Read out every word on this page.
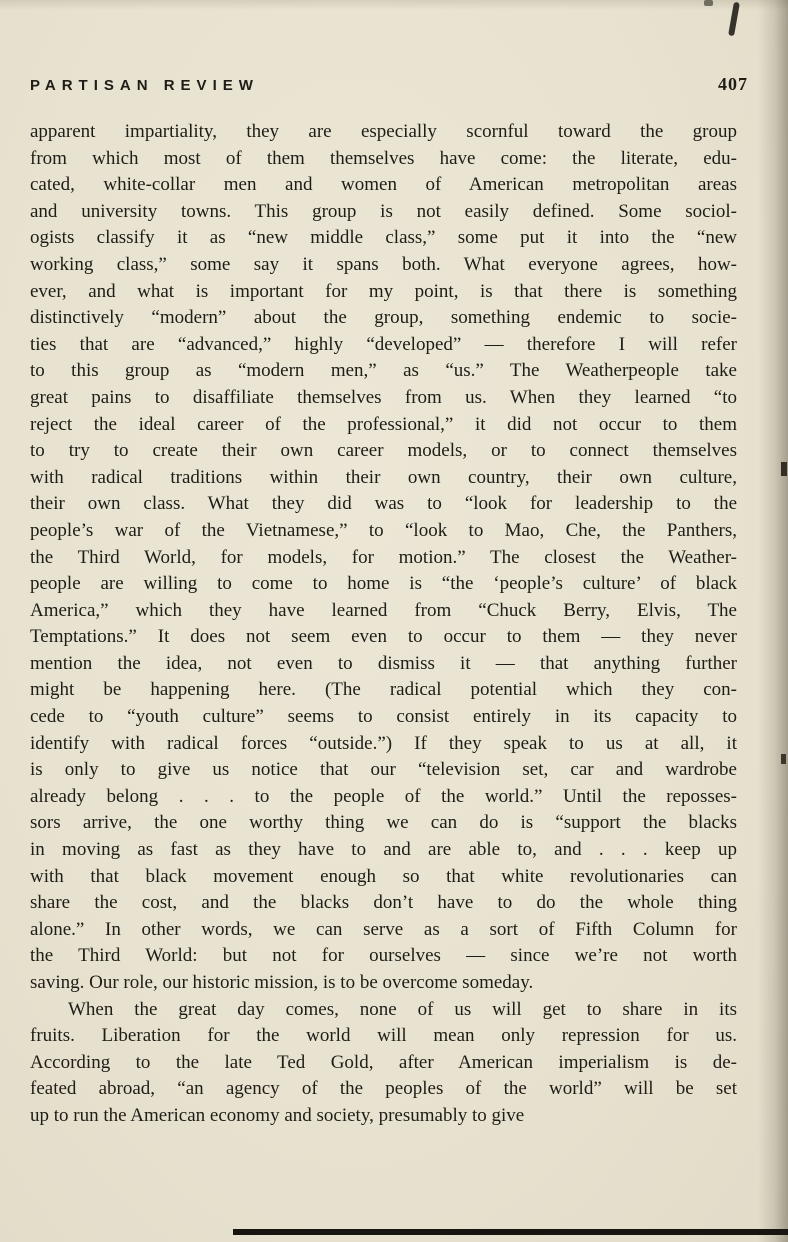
PARTISAN REVIEW	407
apparent impartiality, they are especially scornful toward the group
from which most of them themselves have come: the literate, edu-
cated, white-collar men and women of American metropolitan areas
and university towns. This group is not easily defined. Some sociol-
ogists classify it as “new middle class,” some put it into the “new
working class,” some say it spans both. What everyone agrees, how-
ever, and what is important for my point, is that there is something
distinctively “modern” about the group, something endemic to socie-
ties that are “advanced,” highly “developed” — therefore I will refer
to this group as “modern men,” as “us.” The Weatherpeople take
great pains to disaffiliate themselves from us. When they learned “to
reject the ideal career of the professional,” it did not occur to them
to try to create their own career models, or to connect themselves
with radical traditions within their own country, their own culture,
their own class. What they did was to “look for leadership to the
people’s war of the Vietnamese,” to “look to Mao, Che, the Panthers,
the Third World, for models, for motion.” The closest the Weather-
people are willing to come to home is “the ‘people’s culture’ of black
America,” which they have learned from “Chuck Berry, Elvis, The
Temptations.” It does not seem even to occur to them — they never
mention the idea, not even to dismiss it — that anything further
might be happening here. (The radical potential which they con-
cede to “youth culture” seems to consist entirely in its capacity to
identify with radical forces “outside.”) If they speak to us at all, it
is only to give us notice that our “television set, car and wardrobe
already belong . . . to the people of the world.” Until the reposses-
sors arrive, the one worthy thing we can do is “support the blacks
in moving as fast as they have to and are able to, and . . . keep up
with that black movement enough so that white revolutionaries can
share the cost, and the blacks don’t have to do the whole thing
alone.” In other words, we can serve as a sort of Fifth Column for
the Third World: but not for ourselves — since we’re not worth
saving. Our role, our historic mission, is to be overcome someday.
When the great day comes, none of us will get to share in its
fruits. Liberation for the world will mean only repression for us.
According to the late Ted Gold, after American imperialism is de-
feated abroad, “an agency of the peoples of the world” will be set
up to run the American economy and society, presumably to give
